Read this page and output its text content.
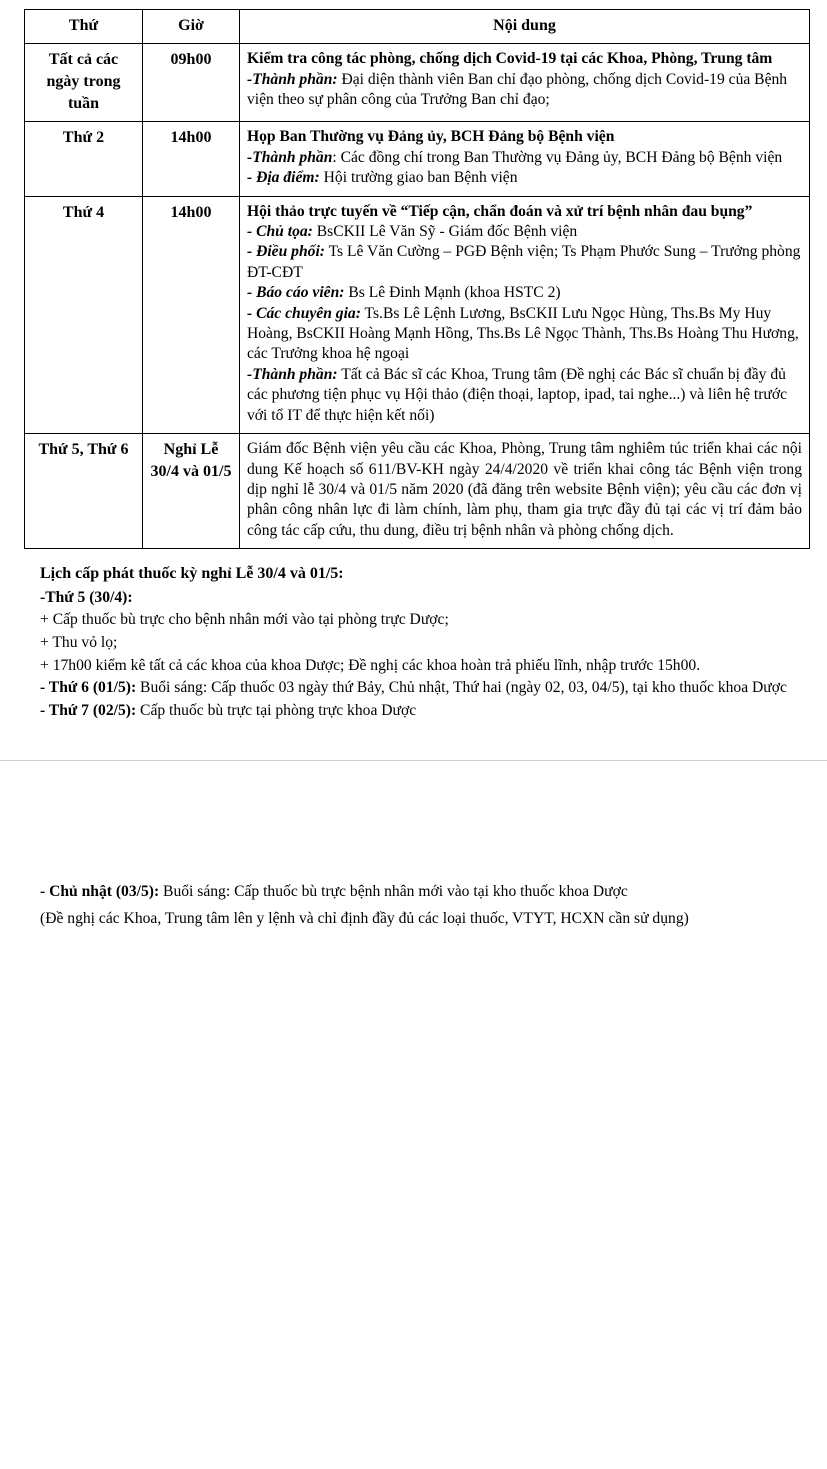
Thứ	Giờ	Nội dung
Tất cả các ngày trong tuần	09h00	Kiểm tra công tác phòng, chống dịch Covid-19 tại các Khoa, Phòng, Trung tâm
-Thành phần: Đại diện thành viên Ban chỉ đạo phòng, chống dịch Covid-19 của Bệnh viện theo sự phân công của Trưởng Ban chỉ đạo;

Thứ 2	14h00	Họp Ban Thường vụ Đảng ủy, BCH Đảng bộ Bệnh viện
-Thành phần: Các đồng chí trong Ban Thường vụ Đảng ủy, BCH Đảng bộ Bệnh viện
- Địa điểm: Hội trường giao ban Bệnh viện

Thứ 4	14h00	Hội thảo trực tuyến về “Tiếp cận, chẩn đoán và xử trí bệnh nhân đau bụng”
- Chủ tọa: BsCKII Lê Văn Sỹ - Giám đốc Bệnh viện
- Điều phối: Ts Lê Văn Cường – PGĐ Bệnh viện; Ts Phạm Phước Sung – Trưởng phòng ĐT-CĐT
- Báo cáo viên: Bs Lê Đinh Mạnh (khoa HSTC 2)
- Các chuyên gia: Ts.Bs Lê Lệnh Lương, BsCKII Lưu Ngọc Hùng, Ths.Bs My Huy Hoàng, BsCKII Hoàng Mạnh Hồng, Ths.Bs Lê Ngọc Thành, Ths.Bs Hoàng Thu Hương, các Trưởng khoa hệ ngoại
-Thành phần: Tất cả Bác sĩ các Khoa, Trung tâm (Đề nghị các Bác sĩ chuẩn bị đầy đủ các phương tiện phục vụ Hội thảo (điện thoại, laptop, ipad, tai nghe...) và liên hệ trước với tổ IT để thực hiện kết nối)

Thứ 5, Thứ 6	Nghỉ Lễ 30/4 và 01/5	Giám đốc Bệnh viện yêu cầu các Khoa, Phòng, Trung tâm nghiêm túc triển khai các nội dung Kế hoạch số 611/BV-KH ngày 24/4/2020 về triển khai công tác Bệnh viện trong dịp nghỉ lễ 30/4 và 01/5 năm 2020 (đã đăng trên website Bệnh viện); yêu cầu các đơn vị phân công nhân lực đi làm chính, làm phụ, tham gia trực đầy đủ tại các vị trí đảm bảo công tác cấp cứu, thu dung, điều trị bệnh nhân và phòng chống dịch.
Lịch cấp phát thuốc kỳ nghỉ Lễ 30/4 và 01/5:

-Thứ 5 (30/4):

+ Cấp thuốc bù trực cho bệnh nhân mới vào tại phòng trực Dược;

+ Thu vỏ lọ;

+ 17h00 kiểm kê tất cả các khoa của khoa Dược; Đề nghị các khoa hoàn trả phiếu lĩnh, nhập trước 15h00.

- Thứ 6 (01/5): Buổi sáng: Cấp thuốc 03 ngày thứ Bảy, Chủ nhật, Thứ hai (ngày 02, 03, 04/5), tại kho thuốc khoa Dược

- Thứ 7 (02/5): Cấp thuốc bù trực tại phòng trực khoa Dược

- Chủ nhật (03/5): Buổi sáng: Cấp thuốc bù trực bệnh nhân mới vào tại kho thuốc khoa Dược

(Đề nghị các Khoa, Trung tâm lên y lệnh và chỉ định đầy đủ các loại thuốc, VTYT, HCXN cần sử dụng)
